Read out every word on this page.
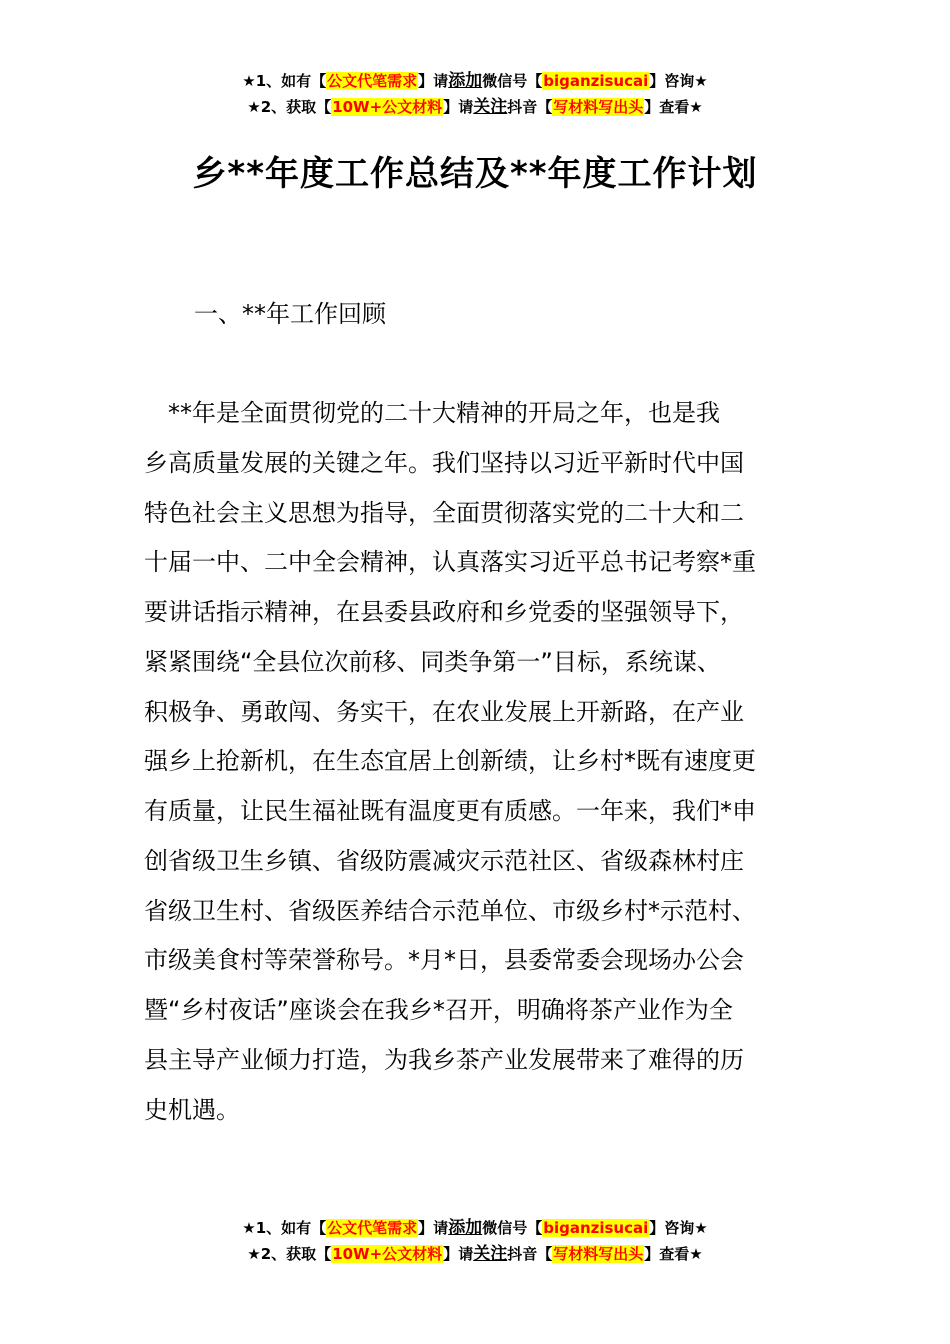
★1、如有【公文代笔需求】请添加微信号【biganzisucai】咨询★
★2、获取【10W+公文材料】请关注抖音【写材料写出头】查看★
乡**年度工作总结及**年度工作计划
一、**年工作回顾
　**年是全面贯彻党的二十大精神的开局之年，也是我
乡高质量发展的关键之年。我们坚持以习近平新时代中国
特色社会主义思想为指导，全面贯彻落实党的二十大和二
十届一中、二中全会精神，认真落实习近平总书记考察*重
要讲话指示精神，在县委县政府和乡党委的坚强领导下，
紧紧围绕“全县位次前移、同类争第一”目标，系统谋、
积极争、勇敢闯、务实干，在农业发展上开新路，在产业
强乡上抢新机，在生态宜居上创新绩，让乡村*既有速度更
有质量，让民生福祉既有温度更有质感。一年来，我们*申
创省级卫生乡镇、省级防震减灾示范社区、省级森林村庄
省级卫生村、省级医养结合示范单位、市级乡村*示范村、
市级美食村等荣誉称号。*月*日，县委常委会现场办公会
暨“乡村夜话”座谈会在我乡*召开，明确将茶产业作为全
县主导产业倾力打造，为我乡茶产业发展带来了难得的历
史机遇。
★1、如有【公文代笔需求】请添加微信号【biganzisucai】咨询★
★2、获取【10W+公文材料】请关注抖音【写材料写出头】查看★
